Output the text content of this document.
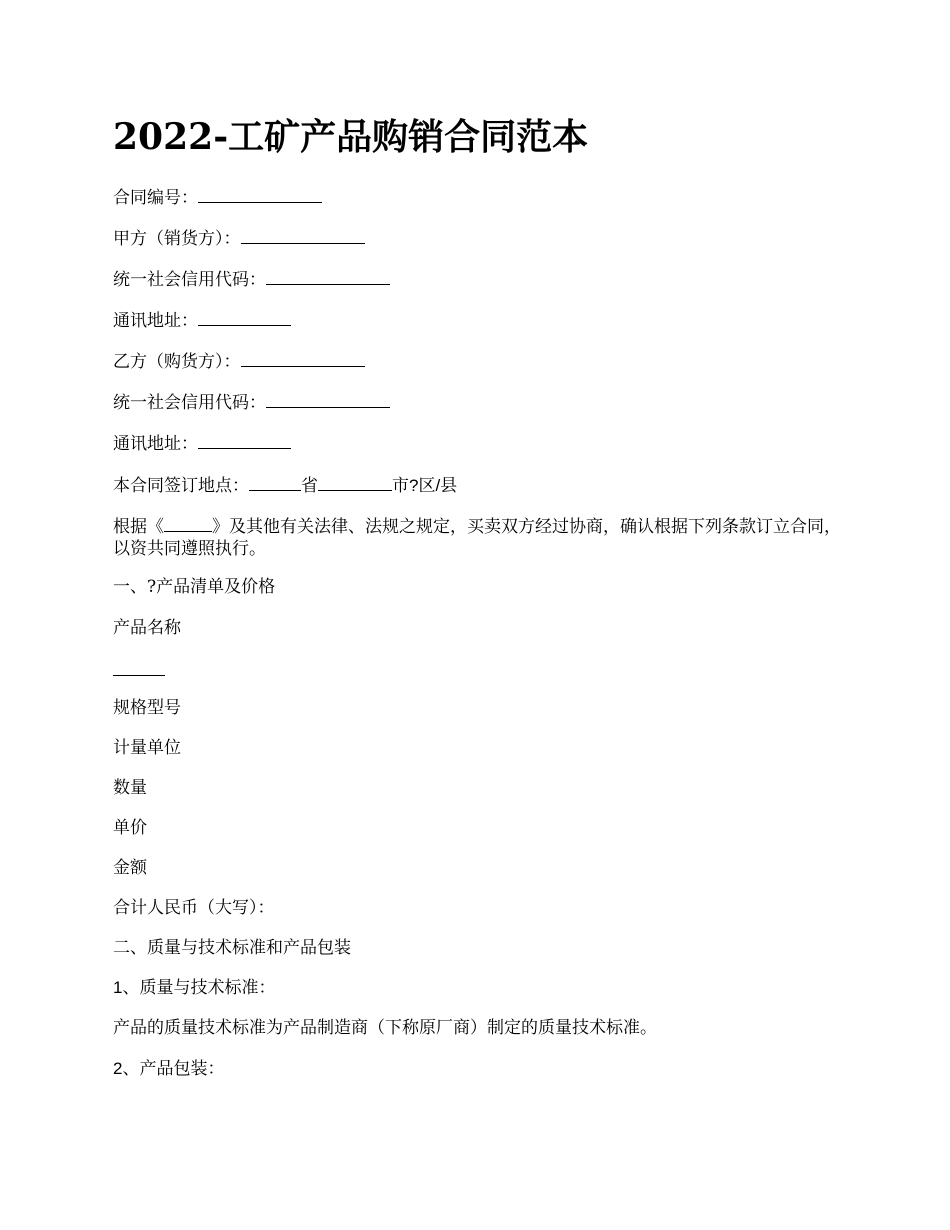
2022-工矿产品购销合同范本

合同编号：

甲方（销货方）：

统一社会信用代码：

通讯地址：

乙方（购货方）：

统一社会信用代码：

通讯地址：

本合同签订地点：	省	市?区/县

根据《	》及其他有关法律、法规之规定，买卖双方经过协商，确认根据下列条款订立合同，以资共同遵照执行。

一、?产品清单及价格

产品名称

规格型号

计量单位

数量

单价

金额

合计人民币（大写）：

二、质量与技术标准和产品包装

1、质量与技术标准：

产品的质量技术标准为产品制造商（下称原厂商）制定的质量技术标准。

2、产品包装：
